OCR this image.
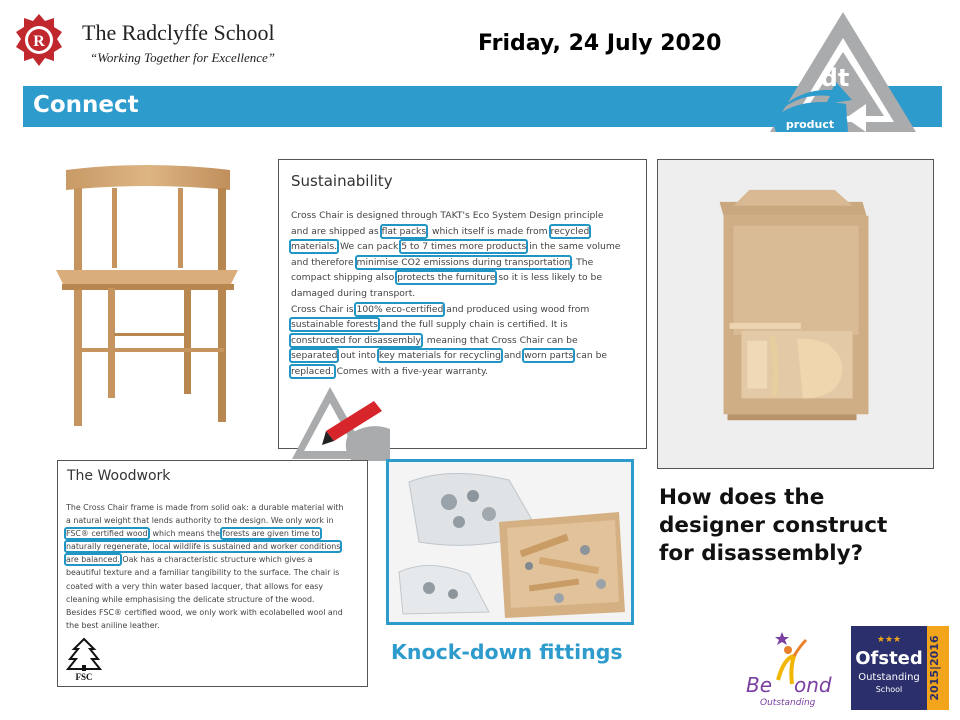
R The Radclyffe School
“Working Together for Excellence”
Friday, 24 July 2020
Connect
dt
product
Sustainability
Cross Chair is designed through TAKT's Eco System Design principle
and are shipped as flat packs, which itself is made from recycled
materials. We can pack 5 to 7 times more products in the same volume
and therefore minimise CO2 emissions during transportation. The
compact shipping also protects the furniture so it is less likely to be
damaged during transport.
Cross Chair is 100% eco-certified and produced using wood from
sustainable forests and the full supply chain is certified. It is
constructed for disassembly, meaning that Cross Chair can be
separated out into key materials for recycling and worn parts can be
replaced. Comes with a five-year warranty.
The Woodwork
The Cross Chair frame is made from solid oak: a durable material with
a natural weight that lends authority to the design. We only work in
FSC® certified wood, which means the forests are given time to
naturally regenerate, local wildlife is sustained and worker conditions
are balanced. Oak has a characteristic structure which gives a
beautiful texture and a familiar tangibility to the surface. The chair is
coated with a very thin water based lacquer, that allows for easy
cleaning while emphasising the delicate structure of the wood.
Besides FSC® certified wood, we only work with ecolabelled wool and
the best aniline leather.
FSC
Knock-down fittings
How does the
designer construct
for disassembly?
Be ond
Outstanding
★★★
Ofsted
Outstanding
School 2015|2016
